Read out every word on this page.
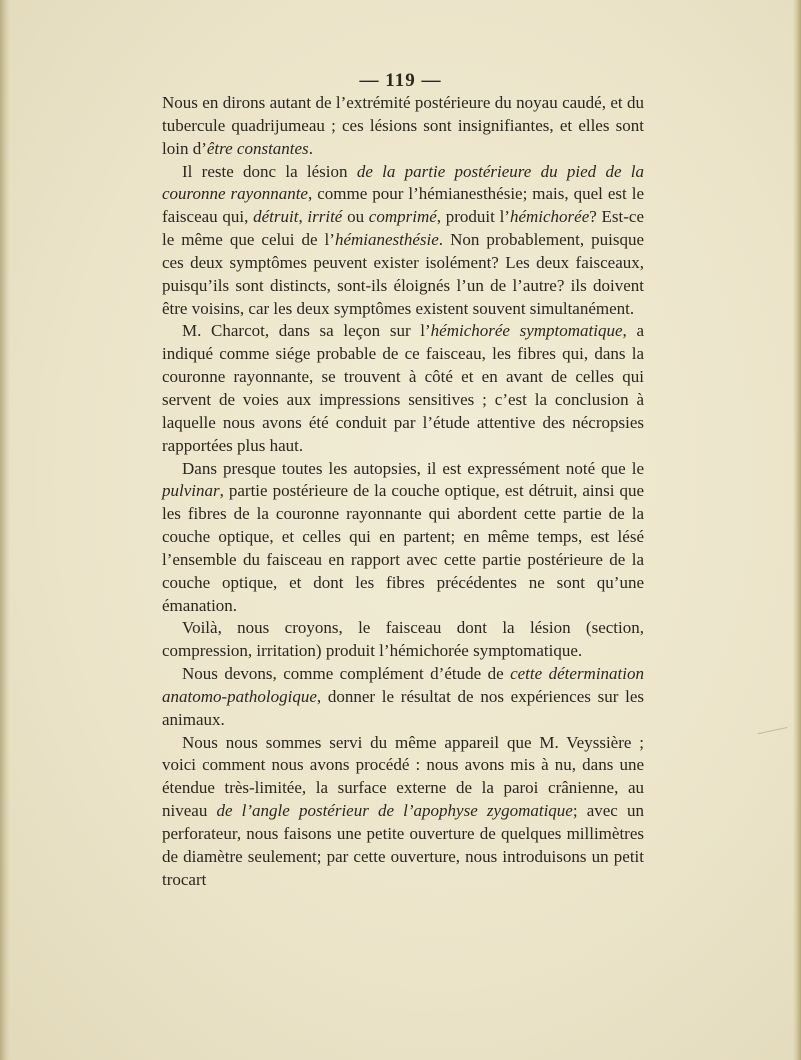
— 119 —

Nous en dirons autant de l’extrémité postérieure du noyau caudé, et du tubercule quadrijumeau ; ces lésions sont insignifiantes, et elles sont loin d’être constantes.

Il reste donc la lésion de la partie postérieure du pied de la couronne rayonnante, comme pour l’hémianesthésie; mais, quel est le faisceau qui, détruit, irrité ou comprimé, produit l’hémichorée? Est-ce le même que celui de l’hémianesthésie. Non probablement, puisque ces deux symptômes peuvent exister isolément? Les deux faisceaux, puisqu’ils sont distincts, sont-ils éloignés l’un de l’autre? ils doivent être voisins, car les deux symptômes existent souvent simultanément.

M. Charcot, dans sa leçon sur l’hémichorée symptomatique, a indiqué comme siége probable de ce faisceau, les fibres qui, dans la couronne rayonnante, se trouvent à côté et en avant de celles qui servent de voies aux impressions sensitives ; c’est la conclusion à laquelle nous avons été conduit par l’étude attentive des nécropsies rapportées plus haut.

Dans presque toutes les autopsies, il est expressément noté que le pulvinar, partie postérieure de la couche optique, est détruit, ainsi que les fibres de la couronne rayonnante qui abordent cette partie de la couche optique, et celles qui en partent; en même temps, est lésé l’ensemble du faisceau en rapport avec cette partie postérieure de la couche optique, et dont les fibres précédentes ne sont qu’une émanation.

Voilà, nous croyons, le faisceau dont la lésion (section, compression, irritation) produit l’hémichorée symptomatique.

Nous devons, comme complément d’étude de cette détermination anatomo-pathologique, donner le résultat de nos expériences sur les animaux.

Nous nous sommes servi du même appareil que M. Veyssière ; voici comment nous avons procédé : nous avons mis à nu, dans une étendue très-limitée, la surface externe de la paroi crânienne, au niveau de l’angle postérieur de l’apophyse zygomatique; avec un perforateur, nous faisons une petite ouverture de quelques millimètres de diamètre seulement; par cette ouverture, nous introduisons un petit trocart
